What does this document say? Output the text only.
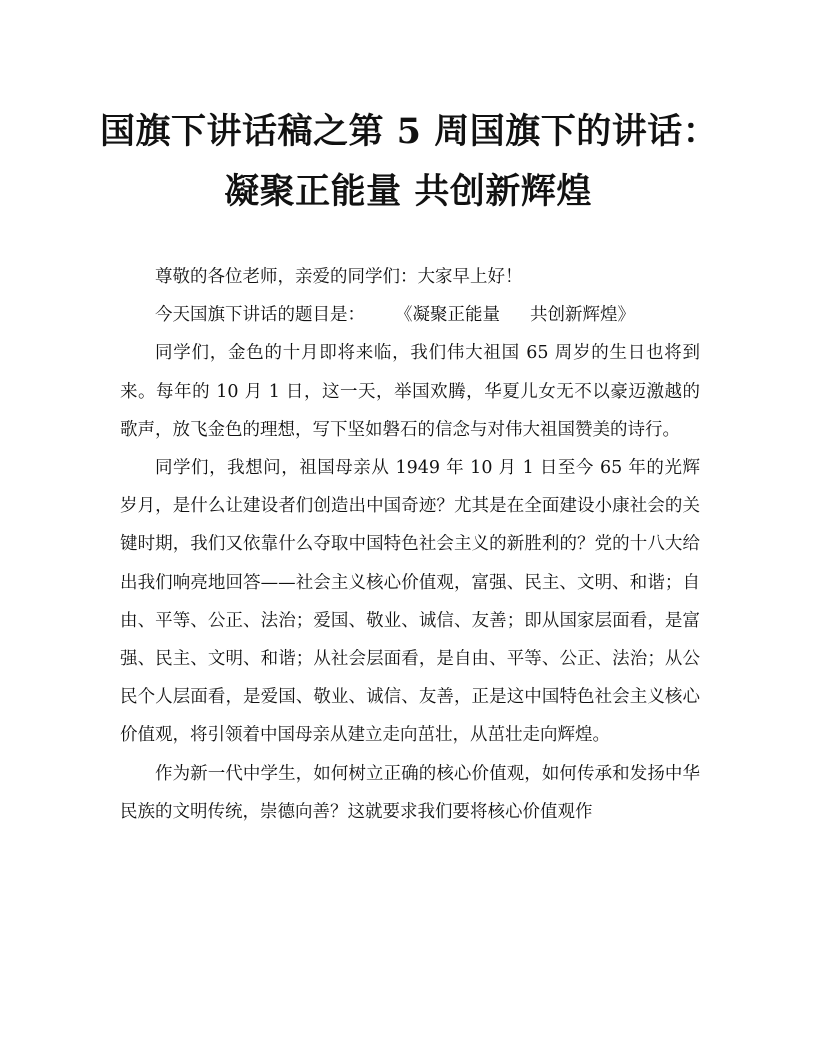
国旗下讲话稿之第 5 周国旗下的讲话：
凝聚正能量 共创新辉煌

尊敬的各位老师，亲爱的同学们：大家早上好！

今天国旗下讲话的题目是： 《凝聚正能量 共创新辉煌》

同学们，金色的十月即将来临，我们伟大祖国 65 周岁的生日也将到来。每年的 10 月 1 日，这一天，举国欢腾，华夏儿女无不以豪迈激越的歌声，放飞金色的理想，写下坚如磐石的信念与对伟大祖国赞美的诗行。

同学们，我想问，祖国母亲从 1949 年 10 月 1 日至今 65 年的光辉岁月，是什么让建设者们创造出中国奇迹？尤其是在全面建设小康社会的关键时期，我们又依靠什么夺取中国特色社会主义的新胜利的？党的十八大给出我们响亮地回答——社会主义核心价值观，富强、民主、文明、和谐；自由、平等、公正、法治；爱国、敬业、诚信、友善；即从国家层面看，是富强、民主、文明、和谐；从社会层面看，是自由、平等、公正、法治；从公民个人层面看，是爱国、敬业、诚信、友善，正是这中国特色社会主义核心价值观，将引领着中国母亲从建立走向茁壮，从茁壮走向辉煌。

作为新一代中学生，如何树立正确的核心价值观，如何传承和发扬中华民族的文明传统，崇德向善？这就要求我们要将核心价值观作
